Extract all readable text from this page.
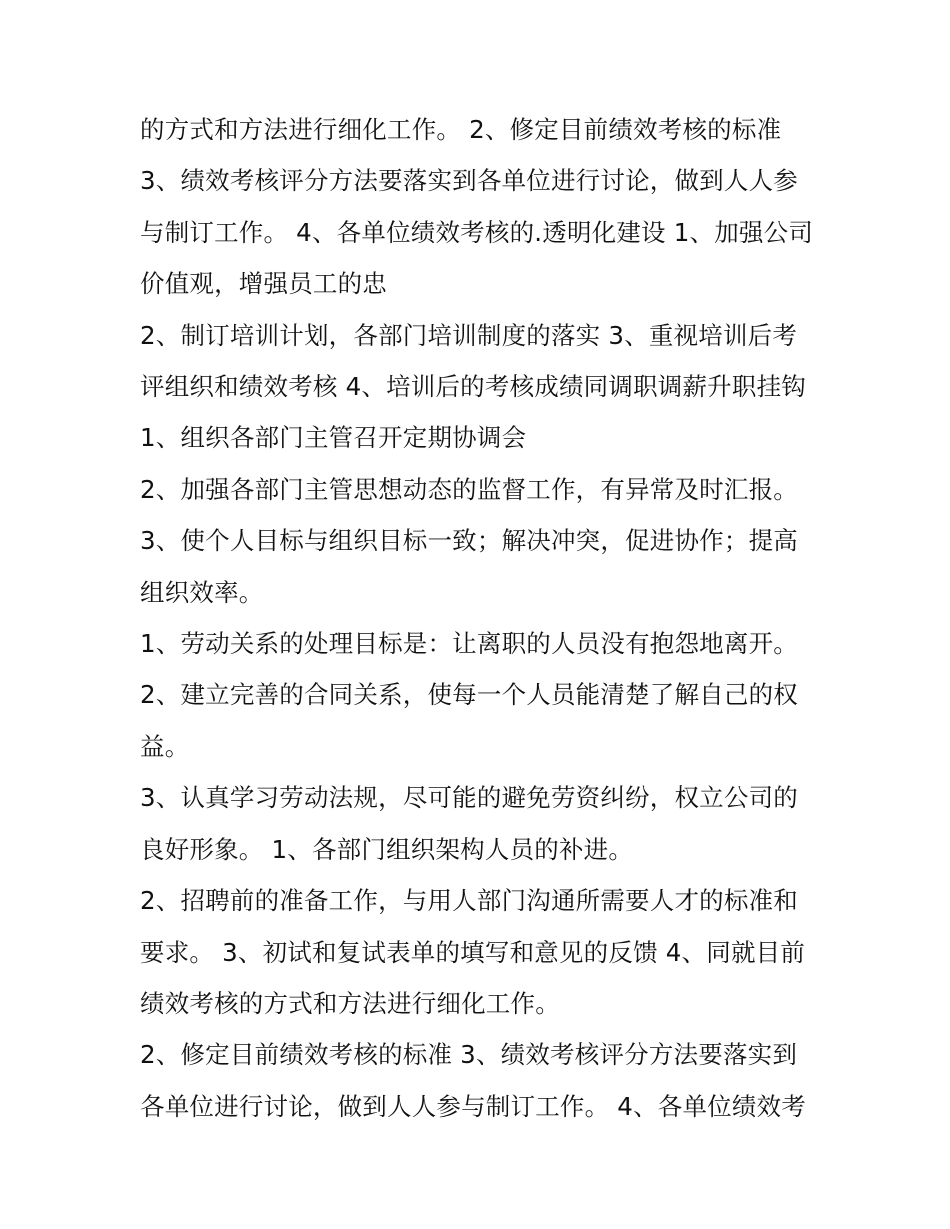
的方式和方法进行细化工作。 2、修定目前绩效考核的标准

3、绩效考核评分方法要落实到各单位进行讨论，做到人人参与制订工作。 4、各单位绩效考核的.透明化建设 1、加强公司价值观，增强员工的忠

2、制订培训计划，各部门培训制度的落实 3、重视培训后考评组织和绩效考核 4、培训后的考核成绩同调职调薪升职挂钩

1、组织各部门主管召开定期协调会

2、加强各部门主管思想动态的监督工作，有异常及时汇报。

3、使个人目标与组织目标一致；解决冲突，促进协作；提高组织效率。

1、劳动关系的处理目标是：让离职的人员没有抱怨地离开。

2、建立完善的合同关系，使每一个人员能清楚了解自己的权益。

3、认真学习劳动法规，尽可能的避免劳资纠纷，权立公司的良好形象。 1、各部门组织架构人员的补进。

2、招聘前的准备工作，与用人部门沟通所需要人才的标准和要求。 3、初试和复试表单的填写和意见的反馈 4、同就目前绩效考核的方式和方法进行细化工作。

2、修定目前绩效考核的标准 3、绩效考核评分方法要落实到各单位进行讨论，做到人人参与制订工作。 4、各单位绩效考
